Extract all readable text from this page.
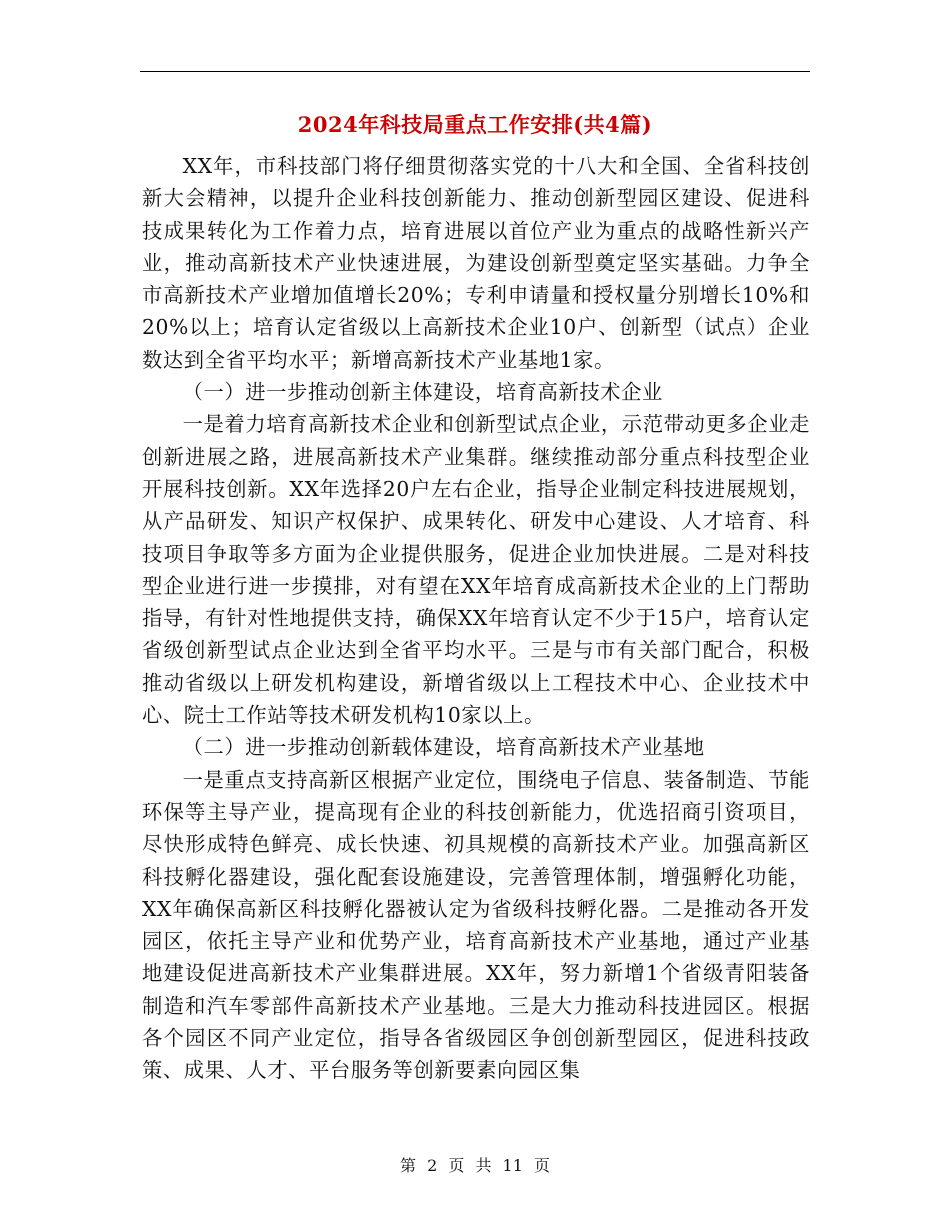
2024年科技局重点工作安排(共4篇)

XX年，市科技部门将仔细贯彻落实党的十八大和全国、全省科技创新大会精神，以提升企业科技创新能力、推动创新型园区建设、促进科技成果转化为工作着力点，培育进展以首位产业为重点的战略性新兴产业，推动高新技术产业快速进展，为建设创新型奠定坚实基础。力争全市高新技术产业增加值增长20%；专利申请量和授权量分别增长10%和20%以上；培育认定省级以上高新技术企业10户、创新型（试点）企业数达到全省平均水平；新增高新技术产业基地1家。

（一）进一步推动创新主体建设，培育高新技术企业

一是着力培育高新技术企业和创新型试点企业，示范带动更多企业走创新进展之路，进展高新技术产业集群。继续推动部分重点科技型企业开展科技创新。XX年选择20户左右企业，指导企业制定科技进展规划，从产品研发、知识产权保护、成果转化、研发中心建设、人才培育、科技项目争取等多方面为企业提供服务，促进企业加快进展。二是对科技型企业进行进一步摸排，对有望在XX年培育成高新技术企业的上门帮助指导，有针对性地提供支持，确保XX年培育认定不少于15户，培育认定省级创新型试点企业达到全省平均水平。三是与市有关部门配合，积极推动省级以上研发机构建设，新增省级以上工程技术中心、企业技术中心、院士工作站等技术研发机构10家以上。

（二）进一步推动创新载体建设，培育高新技术产业基地

一是重点支持高新区根据产业定位，围绕电子信息、装备制造、节能环保等主导产业，提高现有企业的科技创新能力，优选招商引资项目，尽快形成特色鲜亮、成长快速、初具规模的高新技术产业。加强高新区科技孵化器建设，强化配套设施建设，完善管理体制，增强孵化功能，XX年确保高新区科技孵化器被认定为省级科技孵化器。二是推动各开发园区，依托主导产业和优势产业，培育高新技术产业基地，通过产业基地建设促进高新技术产业集群进展。XX年，努力新增1个省级青阳装备制造和汽车零部件高新技术产业基地。三是大力推动科技进园区。根据各个园区不同产业定位，指导各省级园区争创创新型园区，促进科技政策、成果、人才、平台服务等创新要素向园区集

第 2 页 共 11 页
